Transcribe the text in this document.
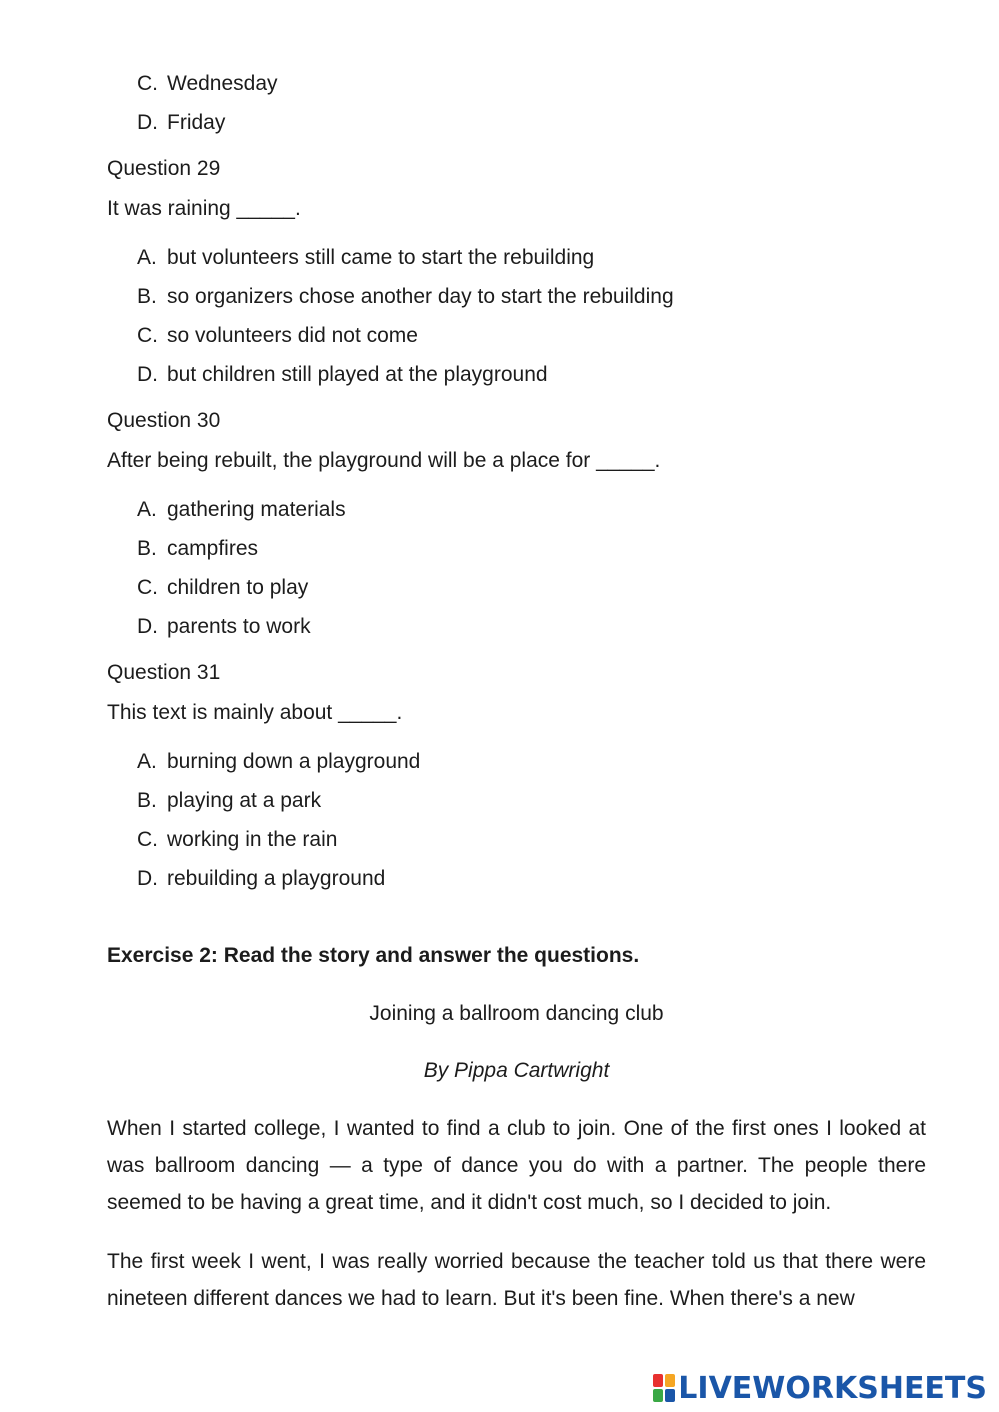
C. Wednesday
D. Friday
Question 29
It was raining _____.
A. but volunteers still came to start the rebuilding
B. so organizers chose another day to start the rebuilding
C. so volunteers did not come
D. but children still played at the playground
Question 30
After being rebuilt, the playground will be a place for _____.
A. gathering materials
B. campfires
C. children to play
D. parents to work
Question 31
This text is mainly about _____.
A. burning down a playground
B. playing at a park
C. working in the rain
D. rebuilding a playground
Exercise 2: Read the story and answer the questions.
Joining a ballroom dancing club
By Pippa Cartwright
When I started college, I wanted to find a club to join. One of the first ones I looked at was ballroom dancing — a type of dance you do with a partner. The people there seemed to be having a great time, and it didn't cost much, so I decided to join.
The first week I went, I was really worried because the teacher told us that there were nineteen different dances we had to learn. But it's been fine. When there's a new
LIVEWORKSHEETS
